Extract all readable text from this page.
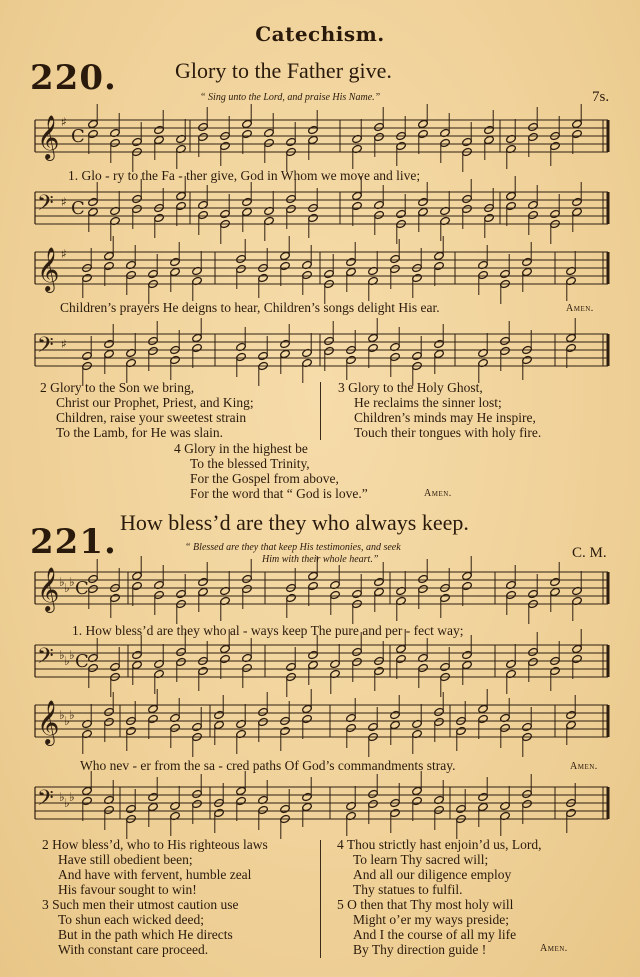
Catechism.
220.	Glory to the Father give.
“ Sing unto the Lord, and praise His Name.”	7s.
𝄞 ♯
C
𝄢 ♯ C
𝄞 ♯
𝄢 ♯
𝄞 ♭ ♭ ♭ C
𝄢 ♭ ♭ ♭ C
𝄞 ♭ ♭ ♭
𝄢 ♭ ♭ ♭
1. Glo - ry to the Fa - ther give, God in Whom we move and live;
Children’s prayers He deigns to hear, Children’s songs delight His ear.	Amen.
2 Glory to the Son we bring,
Christ our Prophet, Priest, and King;
Children, raise your sweetest strain
To the Lamb, for He was slain.
3 Glory to the Holy Ghost,
He reclaims the sinner lost;
Children’s minds may He inspire,
Touch their tongues with holy fire.
4 Glory in the highest be
To the blessed Trinity,
For the Gospel from above,
For the word that “ God is love.”	Amen.
221. How bless’d are they who always keep.
“ Blessed are they that keep His testimonies, and seek
Him with their whole heart.”	C. M.
1. How bless’d are they who al - ways keep The pure and per - fect way;
Who nev - er from the sa - cred paths Of God’s commandments stray.	Amen.
2 How bless’d, who to His righteous laws
Have still obedient been;
And have with fervent, humble zeal
His favour sought to win!
3 Such men their utmost caution use
To shun each wicked deed;
But in the path which He directs
With constant care proceed.
4 Thou strictly hast enjoin’d us, Lord,
To learn Thy sacred will;
And all our diligence employ
Thy statues to fulfil.
5 O then that Thy most holy will
Might o’er my ways preside;
And I the course of all my life
By Thy direction guide !	Amen.
